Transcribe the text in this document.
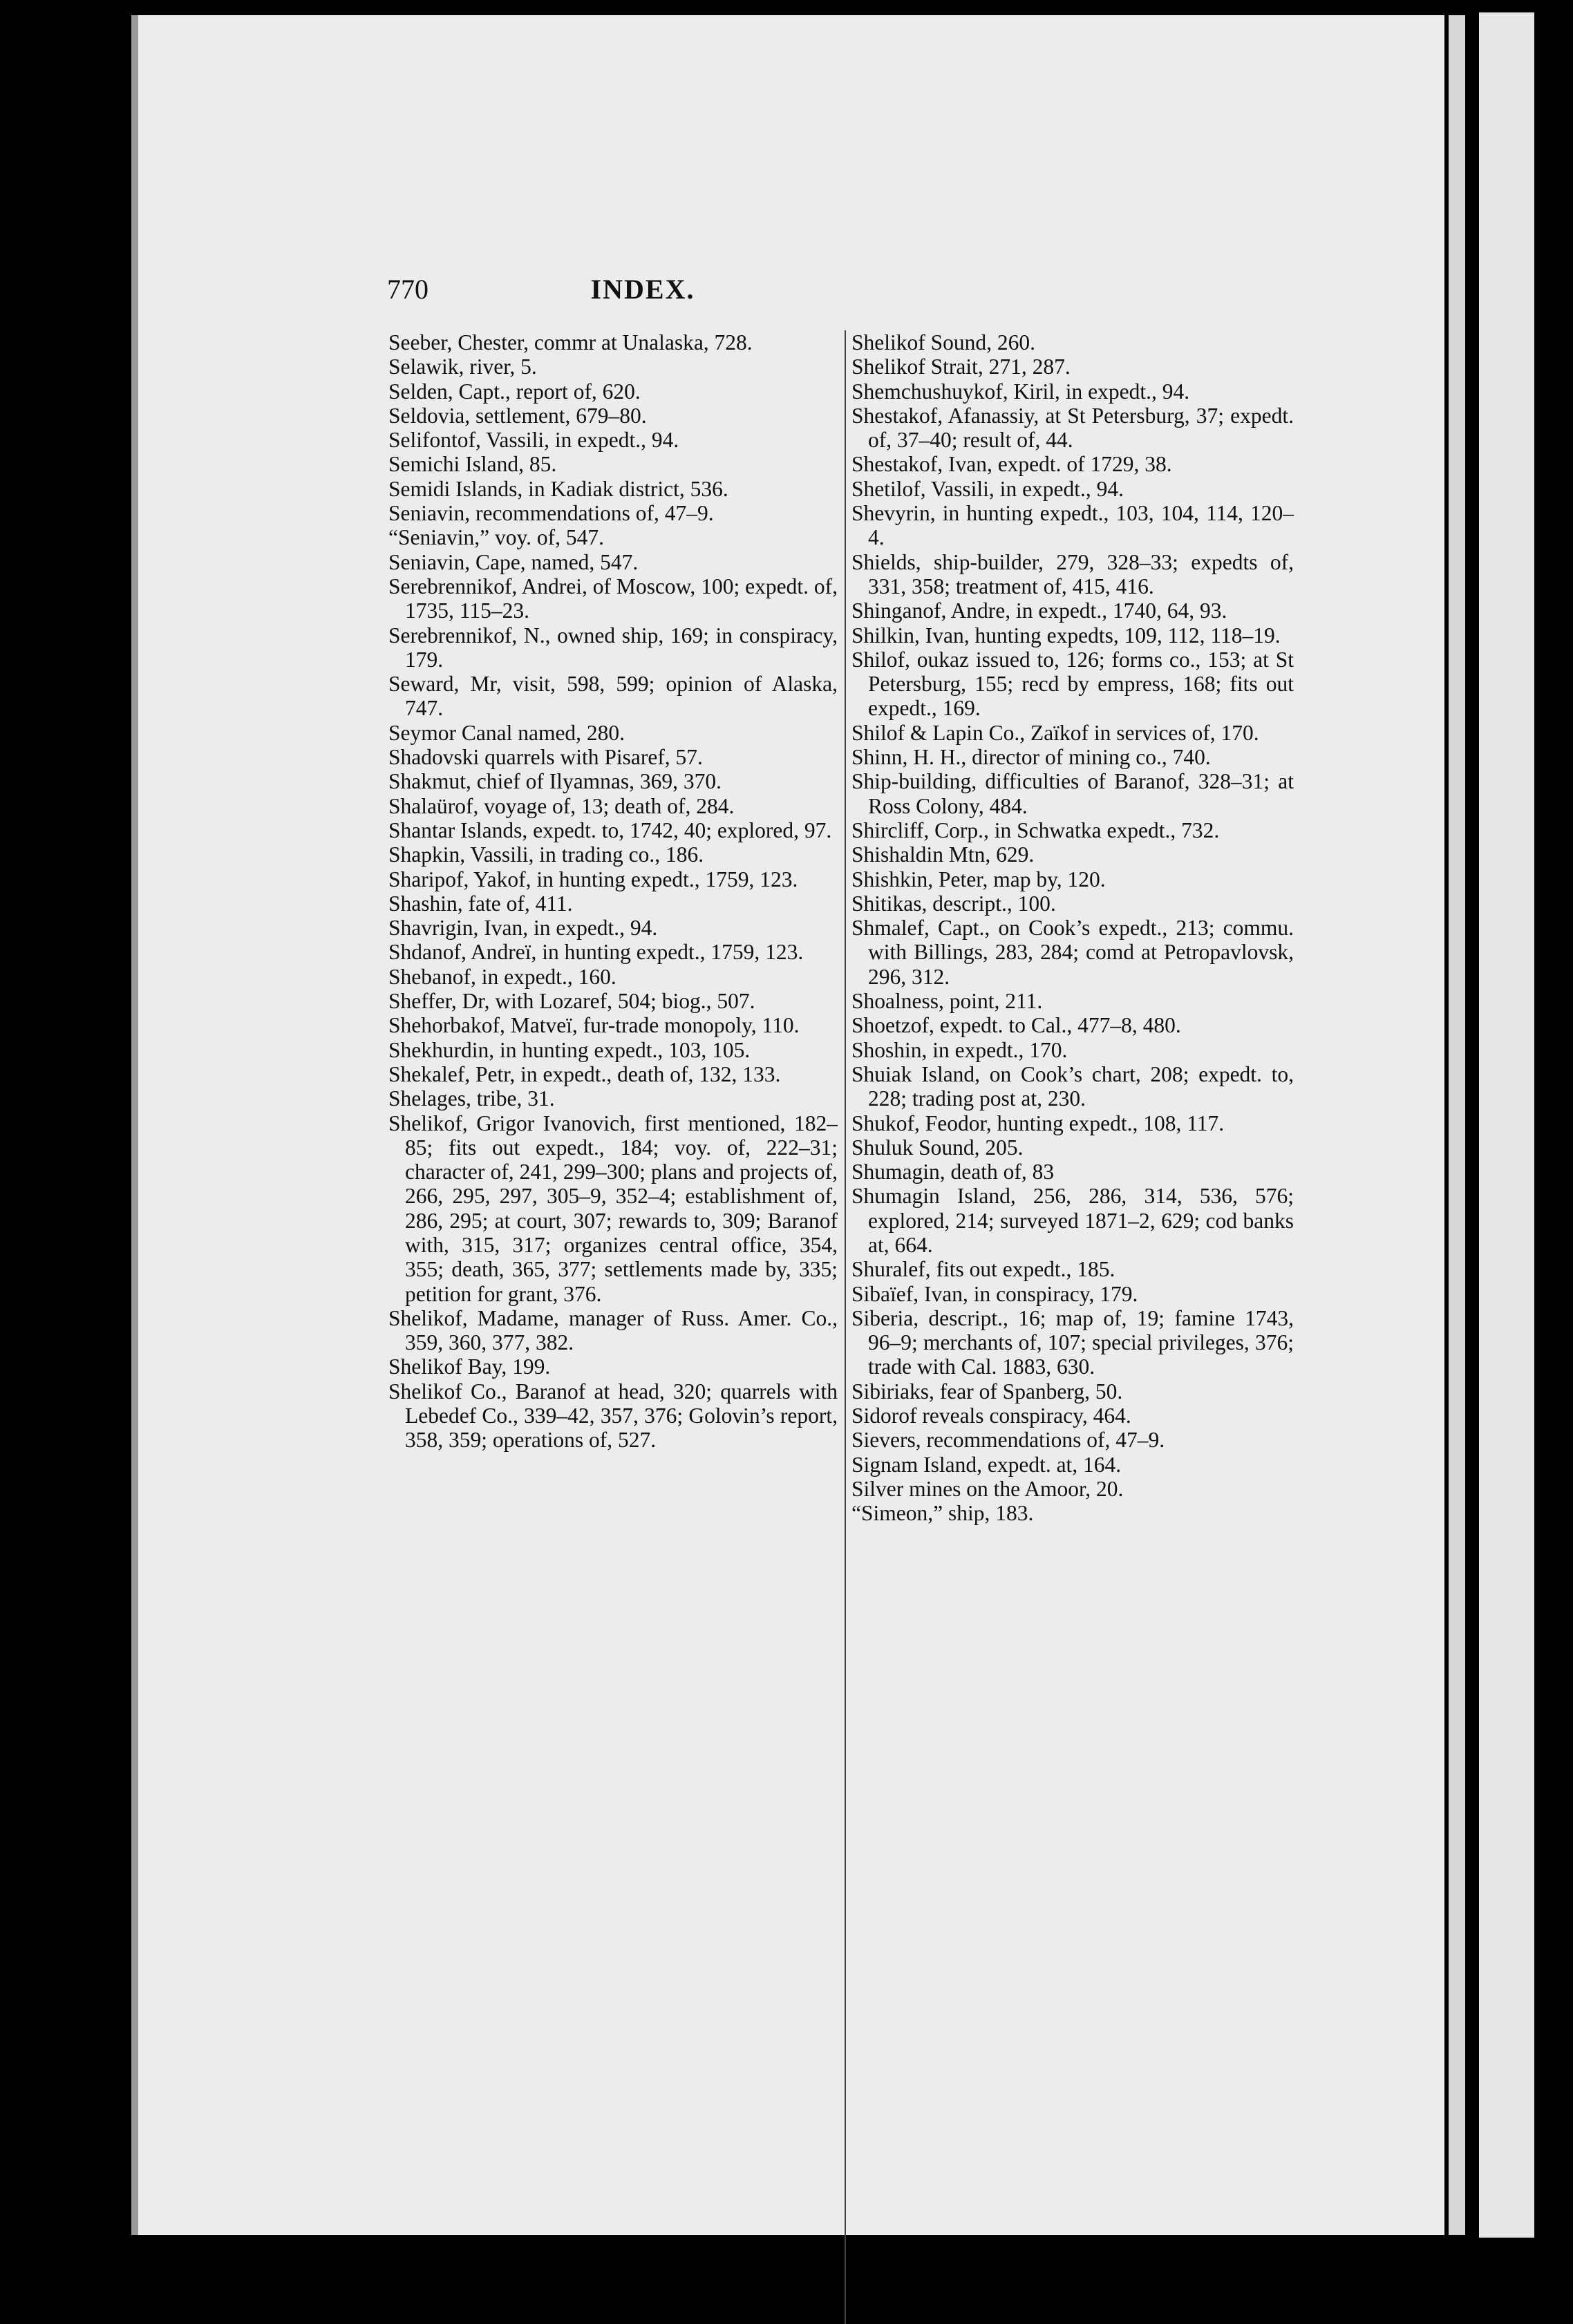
770	INDEX.

Seeber, Chester, commr at Unalaska, 728.

Selawik, river, 5.

Selden, Capt., report of, 620.

Seldovia, settlement, 679–80.

Selifontof, Vassili, in expedt., 94.

Semichi Island, 85.

Semidi Islands, in Kadiak district, 536.

Seniavin, recommendations of, 47–9.

“Seniavin,” voy. of, 547.

Seniavin, Cape, named, 547.

Serebrennikof, Andrei, of Moscow, 100; expedt. of, 1735, 115–23.

Serebrennikof, N., owned ship, 169; in conspiracy, 179.

Seward, Mr, visit, 598, 599; opinion of Alaska, 747.

Seymor Canal named, 280.

Shadovski quarrels with Pisaref, 57.

Shakmut, chief of Ilyamnas, 369, 370.

Shalaürof, voyage of, 13; death of, 284.

Shantar Islands, expedt. to, 1742, 40; explored, 97.

Shapkin, Vassili, in trading co., 186.

Sharipof, Yakof, in hunting expedt., 1759, 123.

Shashin, fate of, 411.

Shavrigin, Ivan, in expedt., 94.

Shdanof, Andreï, in hunting expedt., 1759, 123.

Shebanof, in expedt., 160.

Sheffer, Dr, with Lozaref, 504; biog., 507.

Shehorbakof, Matveï, fur-trade monopoly, 110.

Shekhurdin, in hunting expedt., 103, 105.

Shekalef, Petr, in expedt., death of, 132, 133.

Shelages, tribe, 31.

Shelikof, Grigor Ivanovich, first mentioned, 182–85; fits out expedt., 184; voy. of, 222–31; character of, 241, 299–300; plans and projects of, 266, 295, 297, 305–9, 352–4; establishment of, 286, 295; at court, 307; rewards to, 309; Baranof with, 315, 317; organizes central office, 354, 355; death, 365, 377; settlements made by, 335; petition for grant, 376.

Shelikof, Madame, manager of Russ. Amer. Co., 359, 360, 377, 382.

Shelikof Bay, 199.

Shelikof Co., Baranof at head, 320; quarrels with Lebedef Co., 339–42, 357, 376; Golovin’s report, 358, 359; operations of, 527.

Shelikof Sound, 260.

Shelikof Strait, 271, 287.

Shemchushuykof, Kiril, in expedt., 94.

Shestakof, Afanassiy, at St Petersburg, 37; expedt. of, 37–40; result of, 44.

Shestakof, Ivan, expedt. of 1729, 38.

Shetilof, Vassili, in expedt., 94.

Shevyrin, in hunting expedt., 103, 104, 114, 120–4.

Shields, ship-builder, 279, 328–33; expedts of, 331, 358; treatment of, 415, 416.

Shinganof, Andre, in expedt., 1740, 64, 93.

Shilkin, Ivan, hunting expedts, 109, 112, 118–19.

Shilof, oukaz issued to, 126; forms co., 153; at St Petersburg, 155; recd by empress, 168; fits out expedt., 169.

Shilof & Lapin Co., Zaïkof in services of, 170.

Shinn, H. H., director of mining co., 740.

Ship-building, difficulties of Baranof, 328–31; at Ross Colony, 484.

Shircliff, Corp., in Schwatka expedt., 732.

Shishaldin Mtn, 629.

Shishkin, Peter, map by, 120.

Shitikas, descript., 100.

Shmalef, Capt., on Cook’s expedt., 213; commu. with Billings, 283, 284; comd at Petropavlovsk, 296, 312.

Shoalness, point, 211.

Shoetzof, expedt. to Cal., 477–8, 480.

Shoshin, in expedt., 170.

Shuiak Island, on Cook’s chart, 208; expedt. to, 228; trading post at, 230.

Shukof, Feodor, hunting expedt., 108, 117.

Shuluk Sound, 205.

Shumagin, death of, 83

Shumagin Island, 256, 286, 314, 536, 576; explored, 214; surveyed 1871–2, 629; cod banks at, 664.

Shuralef, fits out expedt., 185.

Sibaïef, Ivan, in conspiracy, 179.

Siberia, descript., 16; map of, 19; famine 1743, 96–9; merchants of, 107; special privileges, 376; trade with Cal. 1883, 630.

Sibiriaks, fear of Spanberg, 50.

Sidorof reveals conspiracy, 464.

Sievers, recommendations of, 47–9.

Signam Island, expedt. at, 164.

Silver mines on the Amoor, 20.

“Simeon,” ship, 183.
